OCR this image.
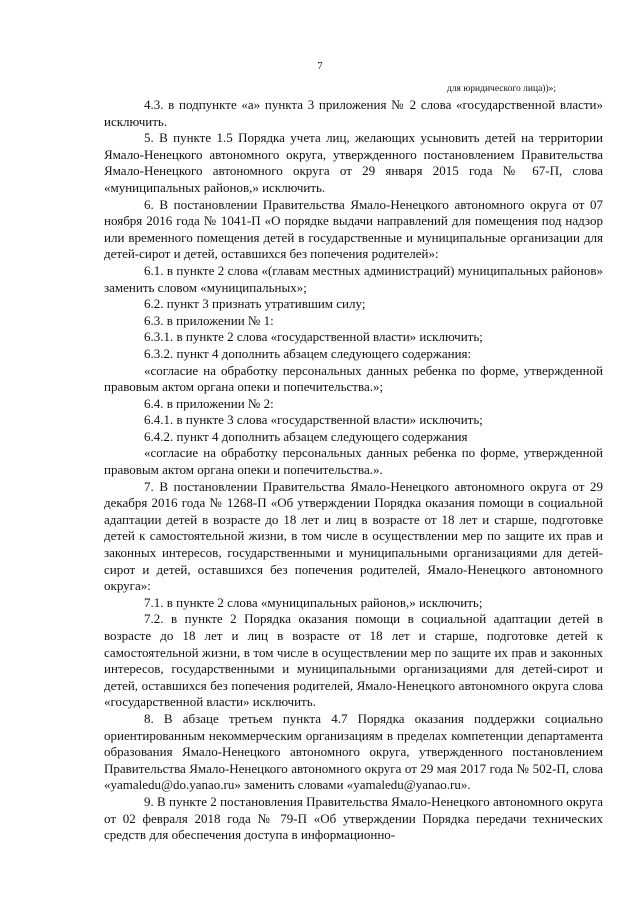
7
для юридического лица))»;

4.3. в подпункте «а» пункта 3 приложения № 2 слова «государственной власти» исключить.

5. В пункте 1.5 Порядка учета лиц, желающих усыновить детей на территории Ямало-Ненецкого автономного округа, утвержденного постановлением Правительства Ямало-Ненецкого автономного округа от 29 января 2015 года № 67-П, слова «муниципальных районов,» исключить.

6. В постановлении Правительства Ямало-Ненецкого автономного округа от 07 ноября 2016 года № 1041-П «О порядке выдачи направлений для помещения под надзор или временного помещения детей в государственные и муниципальные организации для детей-сирот и детей, оставшихся без попечения родителей»:

6.1. в пункте 2 слова «(главам местных администраций) муниципальных районов» заменить словом «муниципальных»;

6.2. пункт 3 признать утратившим силу;

6.3. в приложении № 1:

6.3.1. в пункте 2 слова «государственной власти» исключить;

6.3.2. пункт 4 дополнить абзацем следующего содержания:

«согласие на обработку персональных данных ребенка по форме, утвержденной правовым актом органа опеки и попечительства.»;

6.4. в приложении № 2:

6.4.1. в пункте 3 слова «государственной власти» исключить;

6.4.2. пункт 4 дополнить абзацем следующего содержания

«согласие на обработку персональных данных ребенка по форме, утвержденной правовым актом органа опеки и попечительства.».

7. В постановлении Правительства Ямало-Ненецкого автономного округа от 29 декабря 2016 года № 1268-П «Об утверждении Порядка оказания помощи в социальной адаптации детей в возрасте до 18 лет и лиц в возрасте от 18 лет и старше, подготовке детей к самостоятельной жизни, в том числе в осуществлении мер по защите их прав и законных интересов, государственными и муниципальными организациями для детей-сирот и детей, оставшихся без попечения родителей, Ямало-Ненецкого автономного округа»:

7.1. в пункте 2 слова «муниципальных районов,» исключить;

7.2. в пункте 2 Порядка оказания помощи в социальной адаптации детей в возрасте до 18 лет и лиц в возрасте от 18 лет и старше, подготовке детей к самостоятельной жизни, в том числе в осуществлении мер по защите их прав и законных интересов, государственными и муниципальными организациями для детей-сирот и детей, оставшихся без попечения родителей, Ямало-Ненецкого автономного округа слова «государственной власти» исключить.

8. В абзаце третьем пункта 4.7 Порядка оказания поддержки социально ориентированным некоммерческим организациям в пределах компетенции департамента образования Ямало-Ненецкого автономного округа, утвержденного постановлением Правительства Ямало-Ненецкого автономного округа от 29 мая 2017 года № 502-П, слова «yamaledu@do.yanao.ru» заменить словами «yamaledu@yanao.ru».

9. В пункте 2 постановления Правительства Ямало-Ненецкого автономного округа от 02 февраля 2018 года № 79-П «Об утверждении Порядка передачи технических средств для обеспечения доступа в информационно-
